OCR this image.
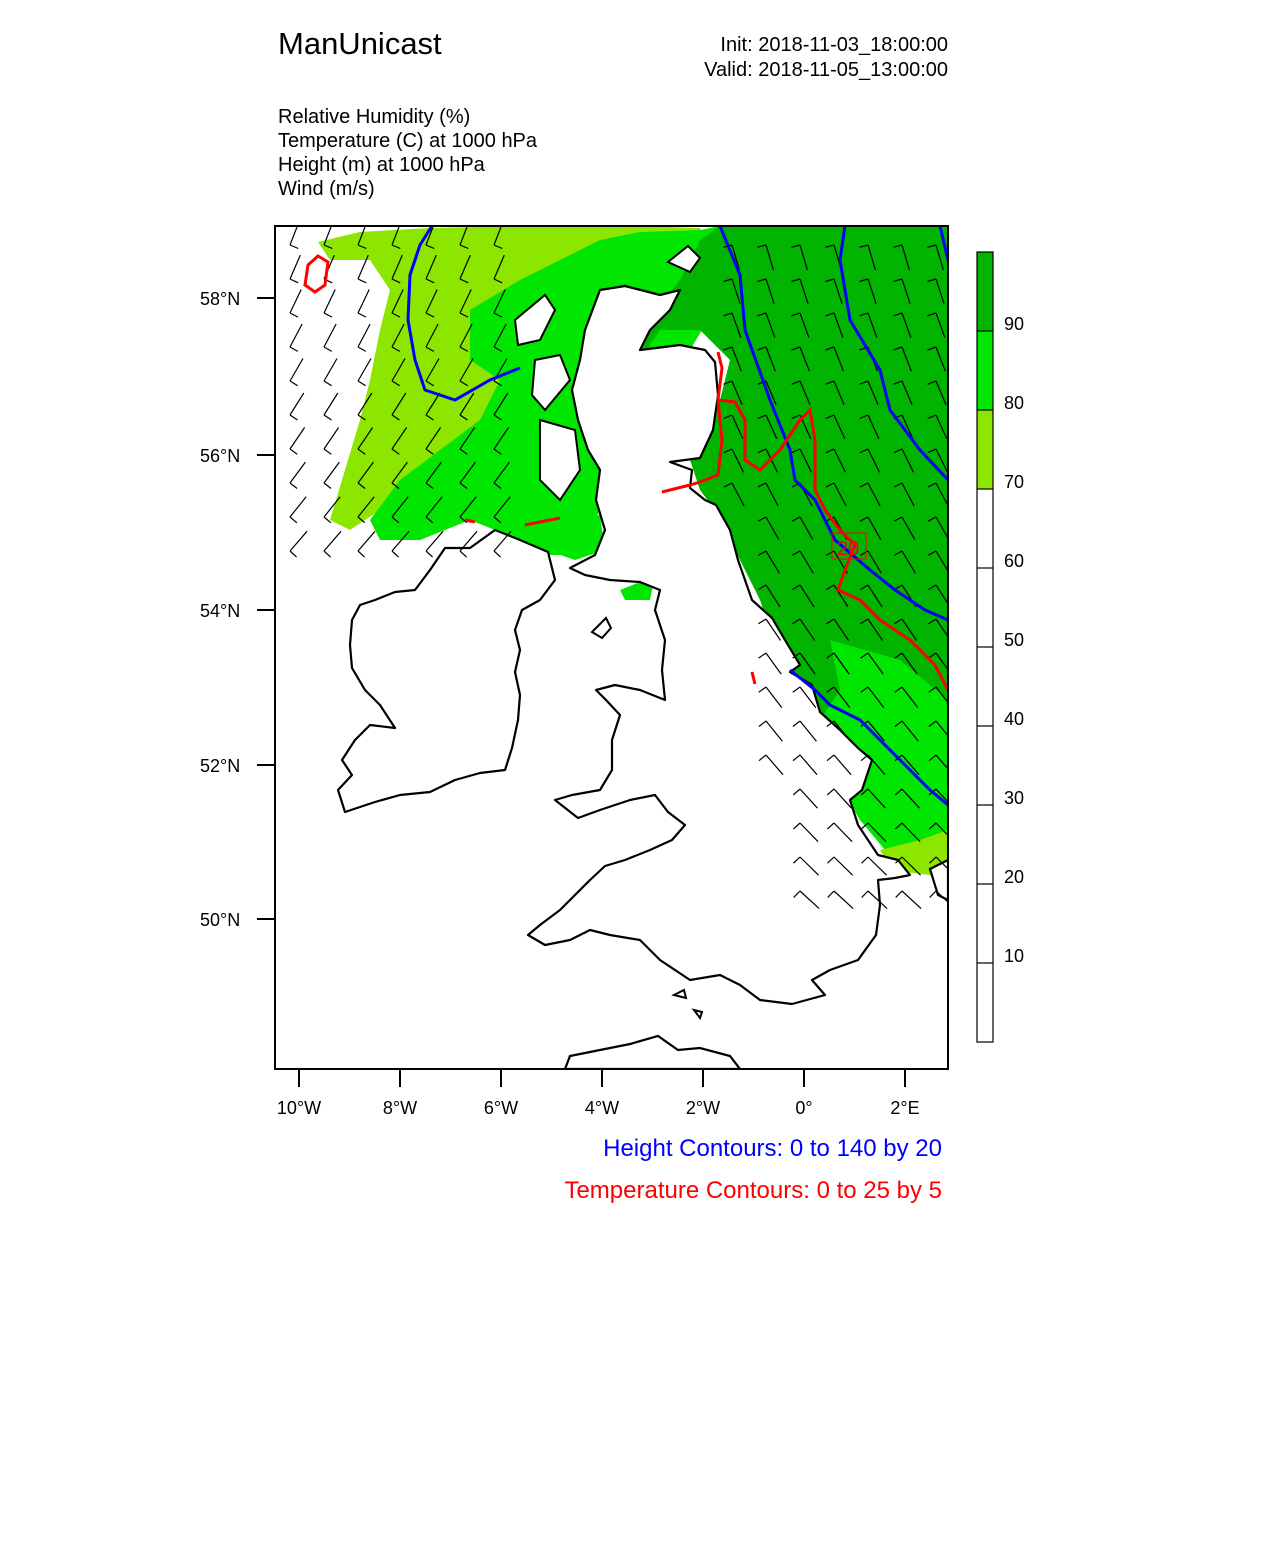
ManUnicast	Init: 2018-11-03_18:00:00
Valid: 2018-11-05_13:00:00
Relative Humidity (%)
Temperature (C) at 1000 hPa
Height (m) at 1000 hPa
Wind (m/s)
20
58°N
56°N
54°N
52°N
50°N
10°W	8°W	6°W	4°W	2°W	0°	2°E
90
80
70
60
50
40
30
20
10
Height Contours: 0 to 140 by 20
Temperature Contours: 0 to 25 by 5
